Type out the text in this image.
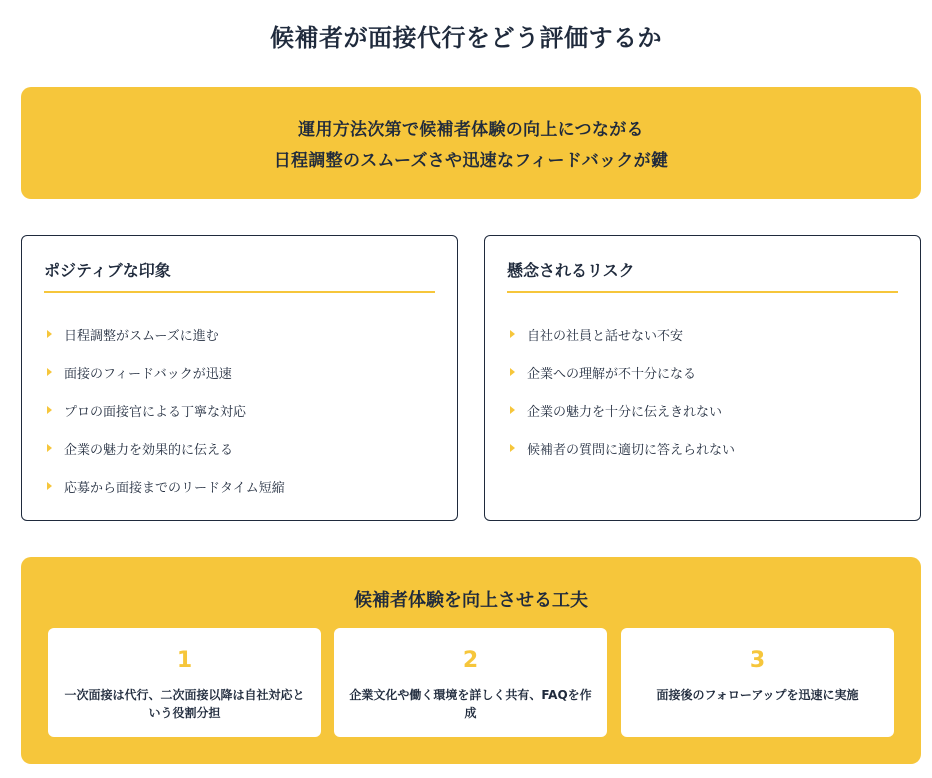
候補者が面接代行をどう評価するか
運用方法次第で候補者体験の向上につながる
日程調整のスムーズさや迅速なフィードバックが鍵
ポジティブな印象
日程調整がスムーズに進む
面接のフィードバックが迅速
プロの面接官による丁寧な対応
企業の魅力を効果的に伝える
応募から面接までのリードタイム短縮
懸念されるリスク
自社の社員と話せない不安
企業への理解が不十分になる
企業の魅力を十分に伝えきれない
候補者の質問に適切に答えられない
候補者体験を向上させる工夫
1
一次面接は代行、二次面接以降は自社対応という役割分担
2
企業文化や働く環境を詳しく共有、FAQを作成
3
面接後のフォローアップを迅速に実施
